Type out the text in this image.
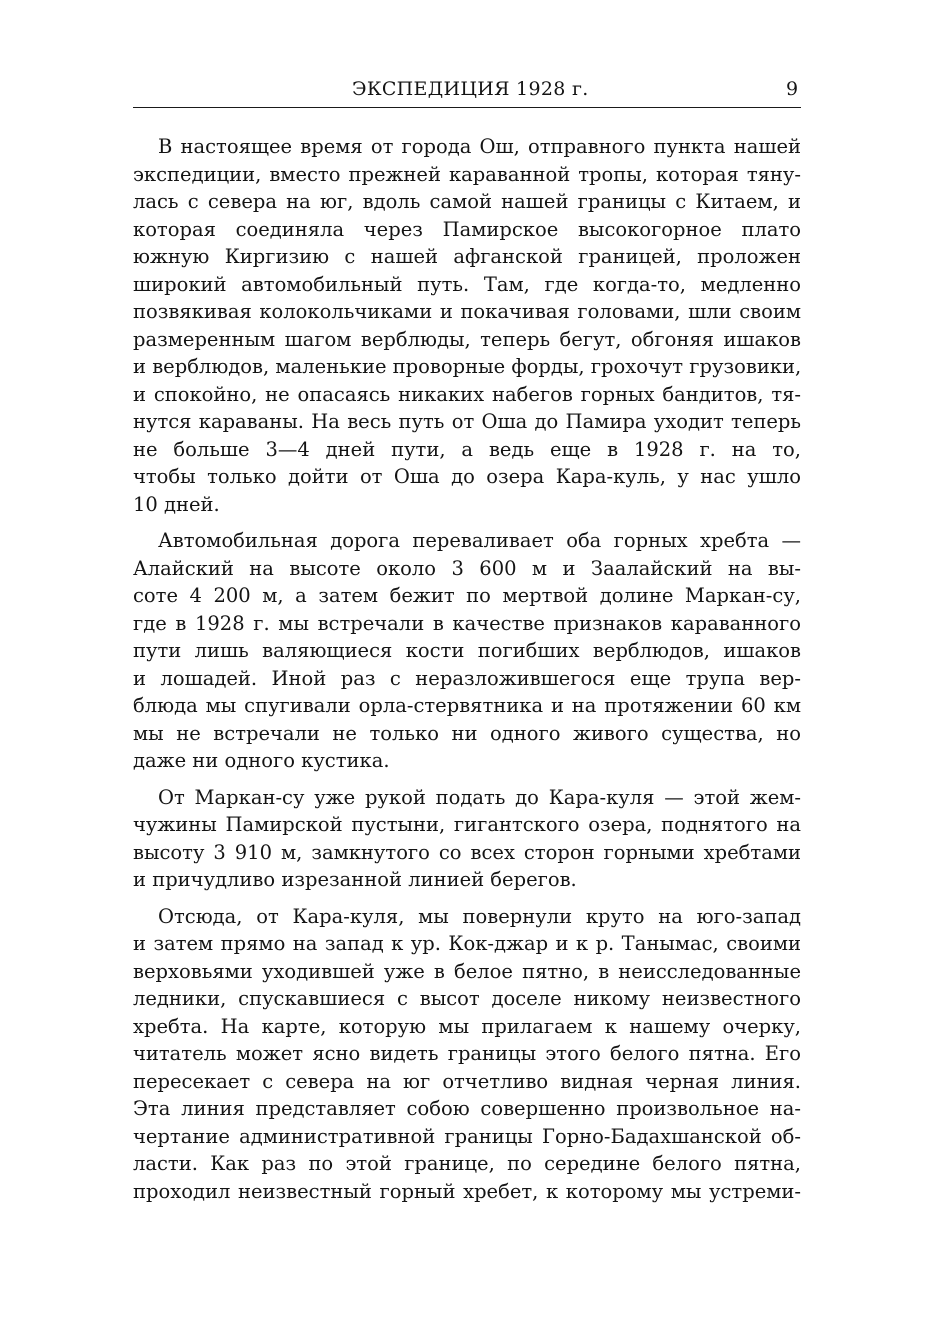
ЭКСПЕДИЦИЯ 1928 г.	9
В настоящее время от города Ош, отправного пункта нашей
экспедиции, вместо прежней караванной тропы, которая тяну-
лась с севера на юг, вдоль самой нашей границы с Китаем, и
которая соединяла через Памирское высокогорное плато
южную Киргизию с нашей афганской границей, проложен
широкий автомобильный путь. Там, где когда-то, медленно
позвякивая колокольчиками и покачивая головами, шли своим
размеренным шагом верблюды, теперь бегут, обгоняя ишаков
и верблюдов, маленькие проворные форды, грохочут грузовики,
и спокойно, не опасаясь никаких набегов горных бандитов, тя-
нутся караваны. На весь путь от Оша до Памира уходит теперь
не больше 3—4 дней пути, а ведь еще в 1928 г. на то,
чтобы только дойти от Оша до озера Кара-куль, у нас ушло
10 дней.
Автомобильная дорога переваливает оба горных хребта —
Алайский на высоте около 3 600 м и Заалайский на вы-
соте 4 200 м, а затем бежит по мертвой долине Маркан-су,
где в 1928 г. мы встречали в качестве признаков караванного
пути лишь валяющиеся кости погибших верблюдов, ишаков
и лошадей. Иной раз с неразложившегося еще трупа вер-
блюда мы спугивали орла-стервятника и на протяжении 60 км
мы не встречали не только ни одного живого существа, но
даже ни одного кустика.
От Маркан-су уже рукой подать до Кара-куля — этой жем-
чужины Памирской пустыни, гигантского озера, поднятого на
высоту 3 910 м, замкнутого со всех сторон горными хребтами
и причудливо изрезанной линией берегов.
Отсюда, от Кара-куля, мы повернули круто на юго-запад
и затем прямо на запад к ур. Кок-джар и к р. Танымас, своими
верховьями уходившей уже в белое пятно, в неисследованные
ледники, спускавшиеся с высот доселе никому неизвестного
хребта. На карте, которую мы прилагаем к нашему очерку,
читатель может ясно видеть границы этого белого пятна. Его
пересекает с севера на юг отчетливо видная черная линия.
Эта линия представляет собою совершенно произвольное на-
чертание административной границы Горно-Бадахшанской об-
ласти. Как раз по этой границе, по середине белого пятна,
проходил неизвестный горный хребет, к которому мы устреми-
